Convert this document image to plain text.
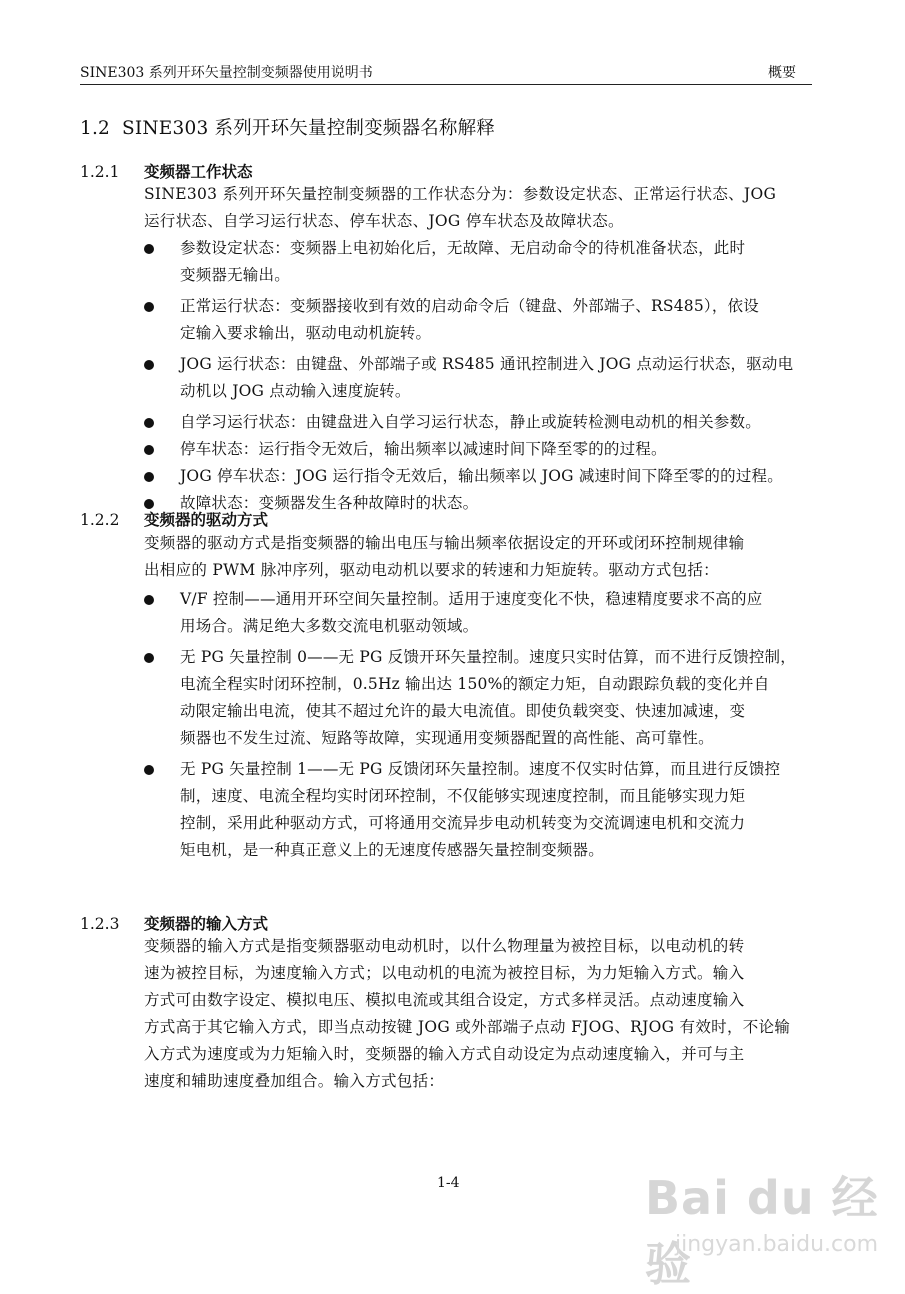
SINE303 系列开环矢量控制变频器使用说明书	概要
1.2 SINE303 系列开环矢量控制变频器名称解释
1.2.1 变频器工作状态

SINE303 系列开环矢量控制变频器的工作状态分为：参数设定状态、正常运行状态、JOG

运行状态、自学习运行状态、停车状态、JOG 停车状态及故障状态。

参数设定状态：变频器上电初始化后，无故障、无启动命令的待机准备状态，此时
变频器无输出。
正常运行状态：变频器接收到有效的启动命令后（键盘、外部端子、RS485），依设
定输入要求输出，驱动电动机旋转。
JOG 运行状态：由键盘、外部端子或 RS485 通讯控制进入 JOG 点动运行状态，驱动电
动机以 JOG 点动输入速度旋转。
自学习运行状态：由键盘进入自学习运行状态，静止或旋转检测电动机的相关参数。
停车状态：运行指令无效后，输出频率以减速时间下降至零的的过程。
JOG 停车状态：JOG 运行指令无效后，输出频率以 JOG 减速时间下降至零的的过程。
故障状态：变频器发生各种故障时的状态。
1.2.2 变频器的驱动方式

变频器的驱动方式是指变频器的输出电压与输出频率依据设定的开环或闭环控制规律输

出相应的 PWM 脉冲序列，驱动电动机以要求的转速和力矩旋转。驱动方式包括：

V/F 控制——通用开环空间矢量控制。适用于速度变化不快，稳速精度要求不高的应
用场合。满足绝大多数交流电机驱动领域。
无 PG 矢量控制 0——无 PG 反馈开环矢量控制。速度只实时估算，而不进行反馈控制，
电流全程实时闭环控制，0.5Hz 输出达 150%的额定力矩，自动跟踪负载的变化并自
动限定输出电流，使其不超过允许的最大电流值。即使负载突变、快速加减速，变
频器也不发生过流、短路等故障，实现通用变频器配置的高性能、高可靠性。
无 PG 矢量控制 1——无 PG 反馈闭环矢量控制。速度不仅实时估算，而且进行反馈控
制，速度、电流全程均实时闭环控制，不仅能够实现速度控制，而且能够实现力矩
控制，采用此种驱动方式，可将通用交流异步电动机转变为交流调速电机和交流力
矩电机，是一种真正意义上的无速度传感器矢量控制变频器。
1.2.3 变频器的输入方式

变频器的输入方式是指变频器驱动电动机时，以什么物理量为被控目标，以电动机的转

速为被控目标，为速度输入方式；以电动机的电流为被控目标，为力矩输入方式。输入

方式可由数字设定、模拟电压、模拟电流或其组合设定，方式多样灵活。点动速度输入

方式高于其它输入方式，即当点动按键 JOG 或外部端子点动 FJOG、RJOG 有效时，不论输

入方式为速度或为力矩输入时，变频器的输入方式自动设定为点动速度输入，并可与主

速度和辅助速度叠加组合。输入方式包括：

1-4	Bai du 经验
jingyan.baidu.com
